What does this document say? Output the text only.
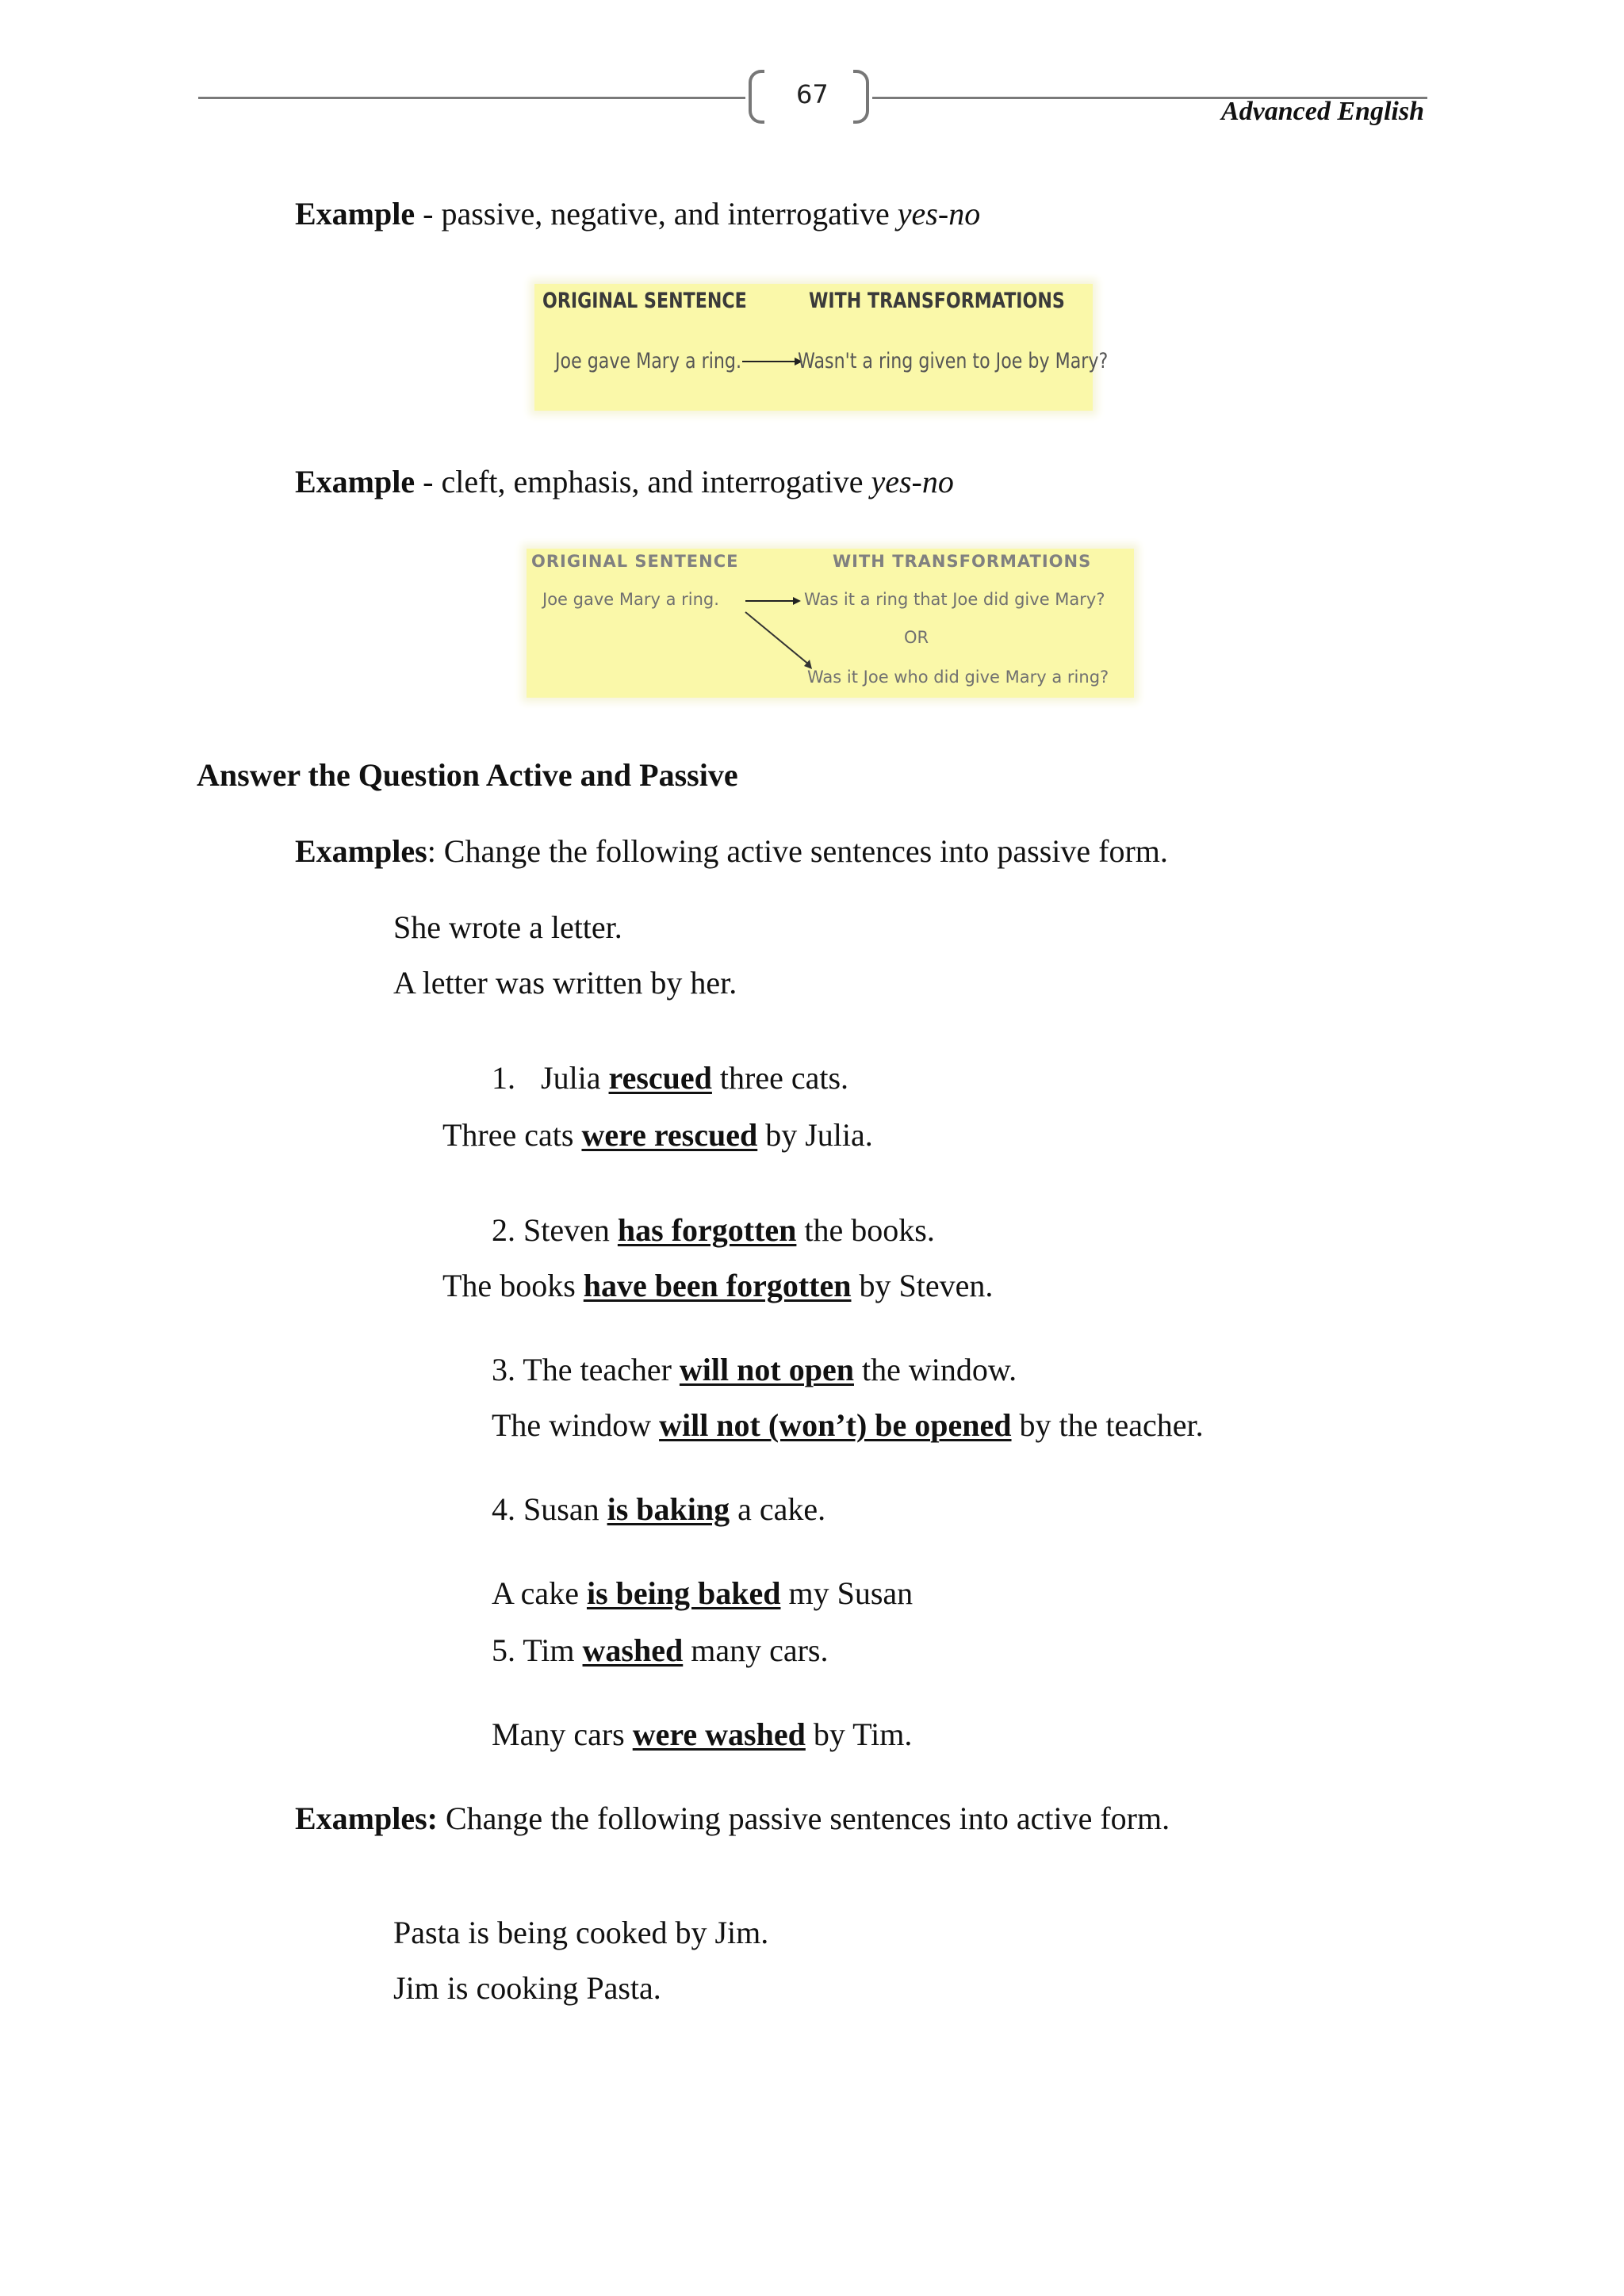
67
Advanced English
Example - passive, negative, and interrogative yes-no
ORIGINAL SENTENCE	WITH TRANSFORMATIONS
Joe gave Mary a ring.	Wasn't a ring given to Joe by Mary?
Example - cleft, emphasis, and interrogative yes-no
ORIGINAL SENTENCE	WITH TRANSFORMATIONS
Joe gave Mary a ring.	Was it a ring that Joe did give Mary?
OR
Was it Joe who did give Mary a ring?
Answer the Question Active and Passive
Examples: Change the following active sentences into passive form.
She wrote a letter.
A letter was written by her.
1. Julia rescued three cats.
Three cats were rescued by Julia.
2. Steven has forgotten the books.
The books have been forgotten by Steven.
3. The teacher will not open the window.
The window will not (won’t) be opened by the teacher.
4. Susan is baking a cake.
A cake is being baked my Susan
5. Tim washed many cars.
Many cars were washed by Tim.
Examples: Change the following passive sentences into active form.
Pasta is being cooked by Jim.
Jim is cooking Pasta.
